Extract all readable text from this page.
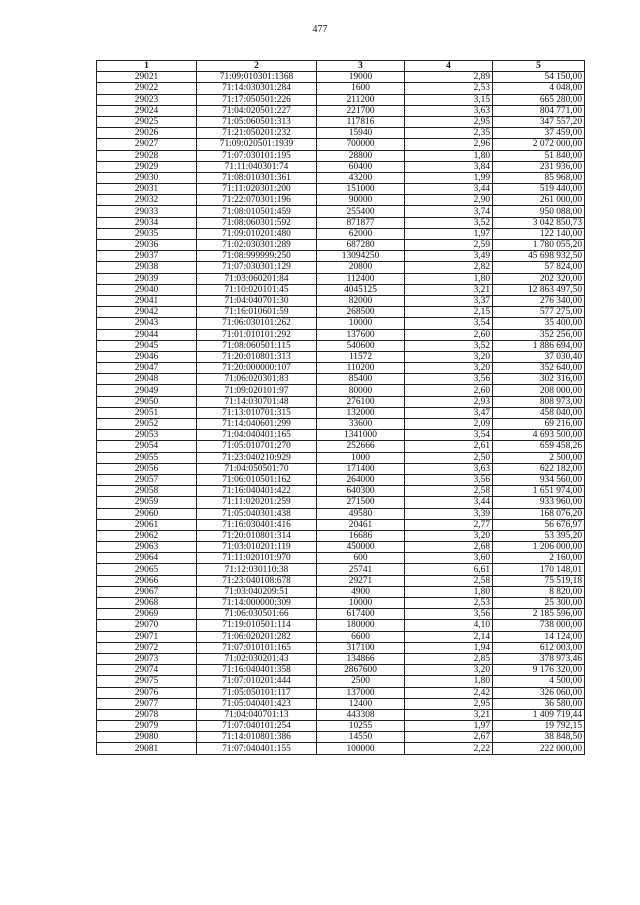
477
1	2	3	4	5
29021	71:09:010301:1368	19000	2,89	54 150,00
29022	71:14:030301:284	1600	2,53	4 048,00
29023	71:17:050501:226	211200	3,15	665 280,00
29024	71:04:020501:227	221700	3,63	804 771,00
29025	71:05:060501:313	117816	2,95	347 557,20
29026	71:21:050201:232	15940	2,35	37 459,00
29027	71:09:020501:1939	700000	2,96	2 072 000,00
29028	71:07:030101:195	28800	1,80	51 840,00
29029	71:11:040301:74	60400	3,84	231 936,00
29030	71:08:010301:361	43200	1,99	85 968,00
29031	71:11:020301:200	151000	3,44	519 440,00
29032	71:22:070301:196	90000	2,90	261 000,00
29033	71:08:010501:459	255400	3,74	950 088,00
29034	71:08:060301:592	871877	3,52	3 042 850,73
29035	71:09:010201:480	62000	1,97	122 140,00
29036	71:02:030301:289	687280	2,59	1 780 055,20
29037	71:08:999999:250	13094250	3,49	45 698 932,50
29038	71:07:030301:129	20800	2,82	57 824,00
29039	71:03:060201:84	112400	1,80	202 320,00
29040	71:10:020101:45	4045125	3,21	12 863 497,50
29041	71:04:040701:30	82000	3,37	276 340,00
29042	71:16:010601:59	268500	2,15	577 275,00
29043	71:06:030101:262	10000	3,54	35 400,00
29044	71:01:010101:292	137600	2,60	352 256,00
29045	71:08:060501:115	540600	3,52	1 886 694,00
29046	71:20:010801:313	11572	3,20	37 030,40
29047	71:20:000000:107	110200	3,20	352 640,00
29048	71:06:020301:83	85400	3,56	302 316,00
29049	71:09:020101:97	80000	2,60	208 000,00
29050	71:14:030701:48	276100	2,93	808 973,00
29051	71:13:010701:315	132000	3,47	458 040,00
29052	71:14:040601:299	33600	2,09	69 216,00
29053	71:04:040401:165	1341000	3,54	4 693 500,00
29054	71:05:010701:270	252666	2,61	659 458,26
29055	71:23:040210:929	1000	2,50	2 500,00
29056	71:04:050501:70	171400	3,63	622 182,00
29057	71:06:010501:162	264000	3,56	934 560,00
29058	71:16:040401:422	640300	2,58	1 651 974,00
29059	71:11:020201:259	271500	3,44	933 960,00
29060	71:05:040301:438	49580	3,39	168 076,20
29061	71:16:030401:416	20461	2,77	56 676,97
29062	71:20:010801:314	16686	3,20	53 395,20
29063	71:03:010201:119	450000	2,68	1 206 000,00
29064	71:11:020101:970	600	3,60	2 160,00
29065	71:12:030110:38	25741	6,61	170 148,01
29066	71:23:040108:678	29271	2,58	75 519,18
29067	71:03:040209:51	4900	1,80	8 820,00
29068	71:14:000000:309	10000	2,53	25 300,00
29069	71:06:030501:66	617400	3,56	2 185 596,00
29070	71:19:010501:114	180000	4,10	738 000,00
29071	71:06:020201:282	6600	2,14	14 124,00
29072	71:07:010101:165	317100	1,94	612 003,00
29073	71:02:030201:43	134866	2,85	378 973,46
29074	71:16:040401:358	2867600	3,20	9 176 320,00
29075	71:07:010201:444	2500	1,80	4 500,00
29076	71:05:050101:117	137000	2,42	326 060,00
29077	71:05:040401:423	12400	2,95	36 580,00
29078	71:04:040701:13	443308	3,21	1 409 719,44
29079	71:07:040101:254	10255	1,97	19 792,15
29080	71:14:010801:386	14550	2,67	38 848,50
29081	71:07:040401:155	100000	2,22	222 000,00
